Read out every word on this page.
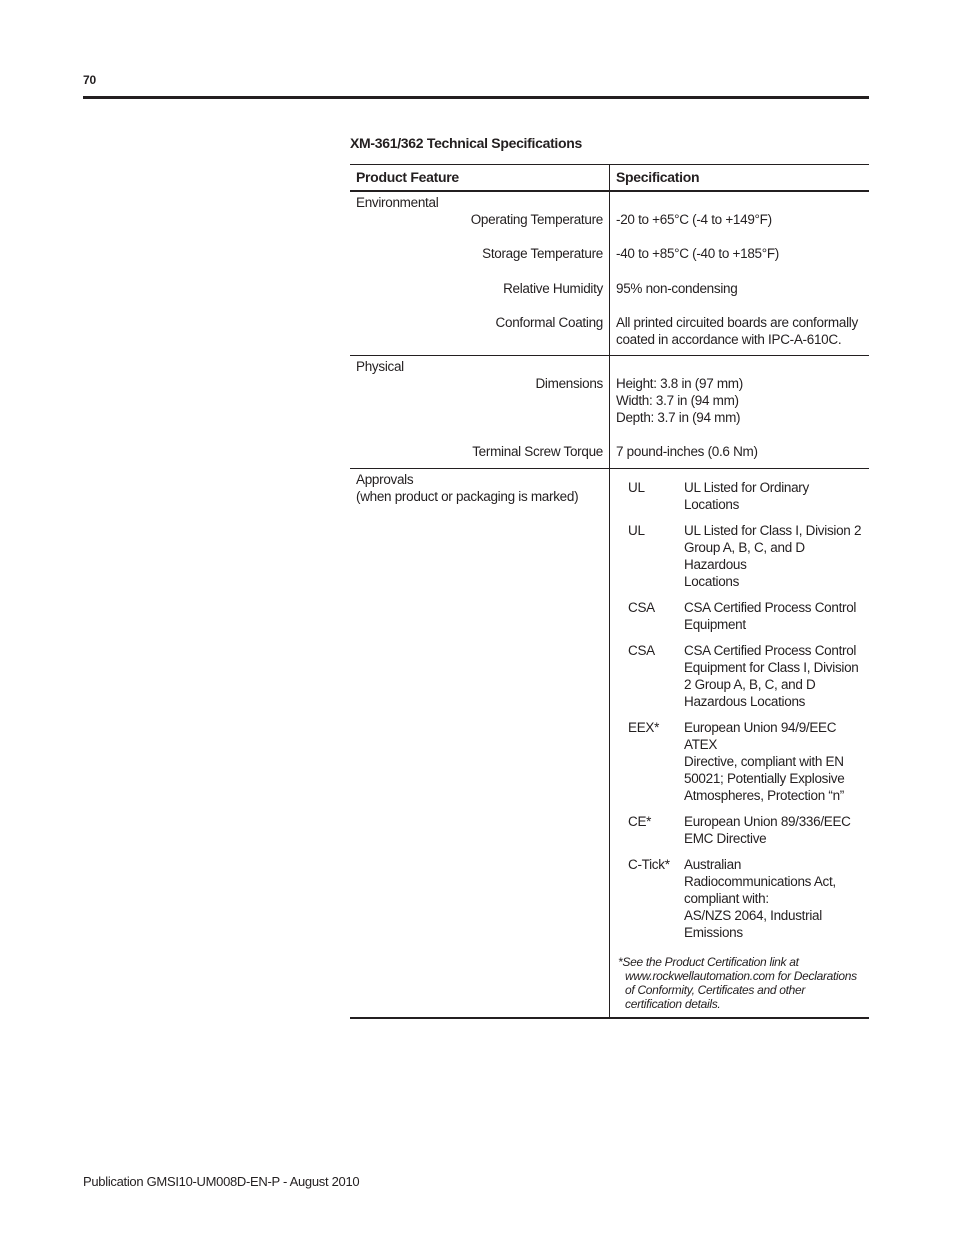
70
XM-361/362 Technical Specifications
Product Feature	Specification
Environmental
Operating Temperature -20 to +65°C (-4 to +149°F)
Storage Temperature -40 to +85°C (-40 to +185°F)
Relative Humidity 95% non-condensing
Conformal Coating All printed circuited boards are conformally
coated in accordance with IPC-A-610C.
Physical
Dimensions Height: 3.8 in (97 mm)
Width: 3.7 in (94 mm)
Depth: 3.7 in (94 mm)
Terminal Screw Torque 7 pound-inches (0.6 Nm)
Approvals
(when product or packaging is marked)
UL	UL Listed for Ordinary
Locations
UL	UL Listed for Class I, Division 2
Group A, B, C, and D Hazardous
Locations
CSA	CSA Certified Process Control
Equipment
CSA	CSA Certified Process Control
Equipment for Class I, Division
2 Group A, B, C, and D
Hazardous Locations
EEX*	European Union 94/9/EEC ATEX
Directive, compliant with EN
50021; Potentially Explosive
Atmospheres, Protection “n”
CE*	European Union 89/336/EEC
EMC Directive
C-Tick*	Australian
Radiocommunications Act,
compliant with:
AS/NZS 2064, Industrial
Emissions
*See the Product Certification link at
www.rockwellautomation.com for Declarations
of Conformity, Certificates and other
certification details.
Publication GMSI10-UM008D-EN-P - August 2010
